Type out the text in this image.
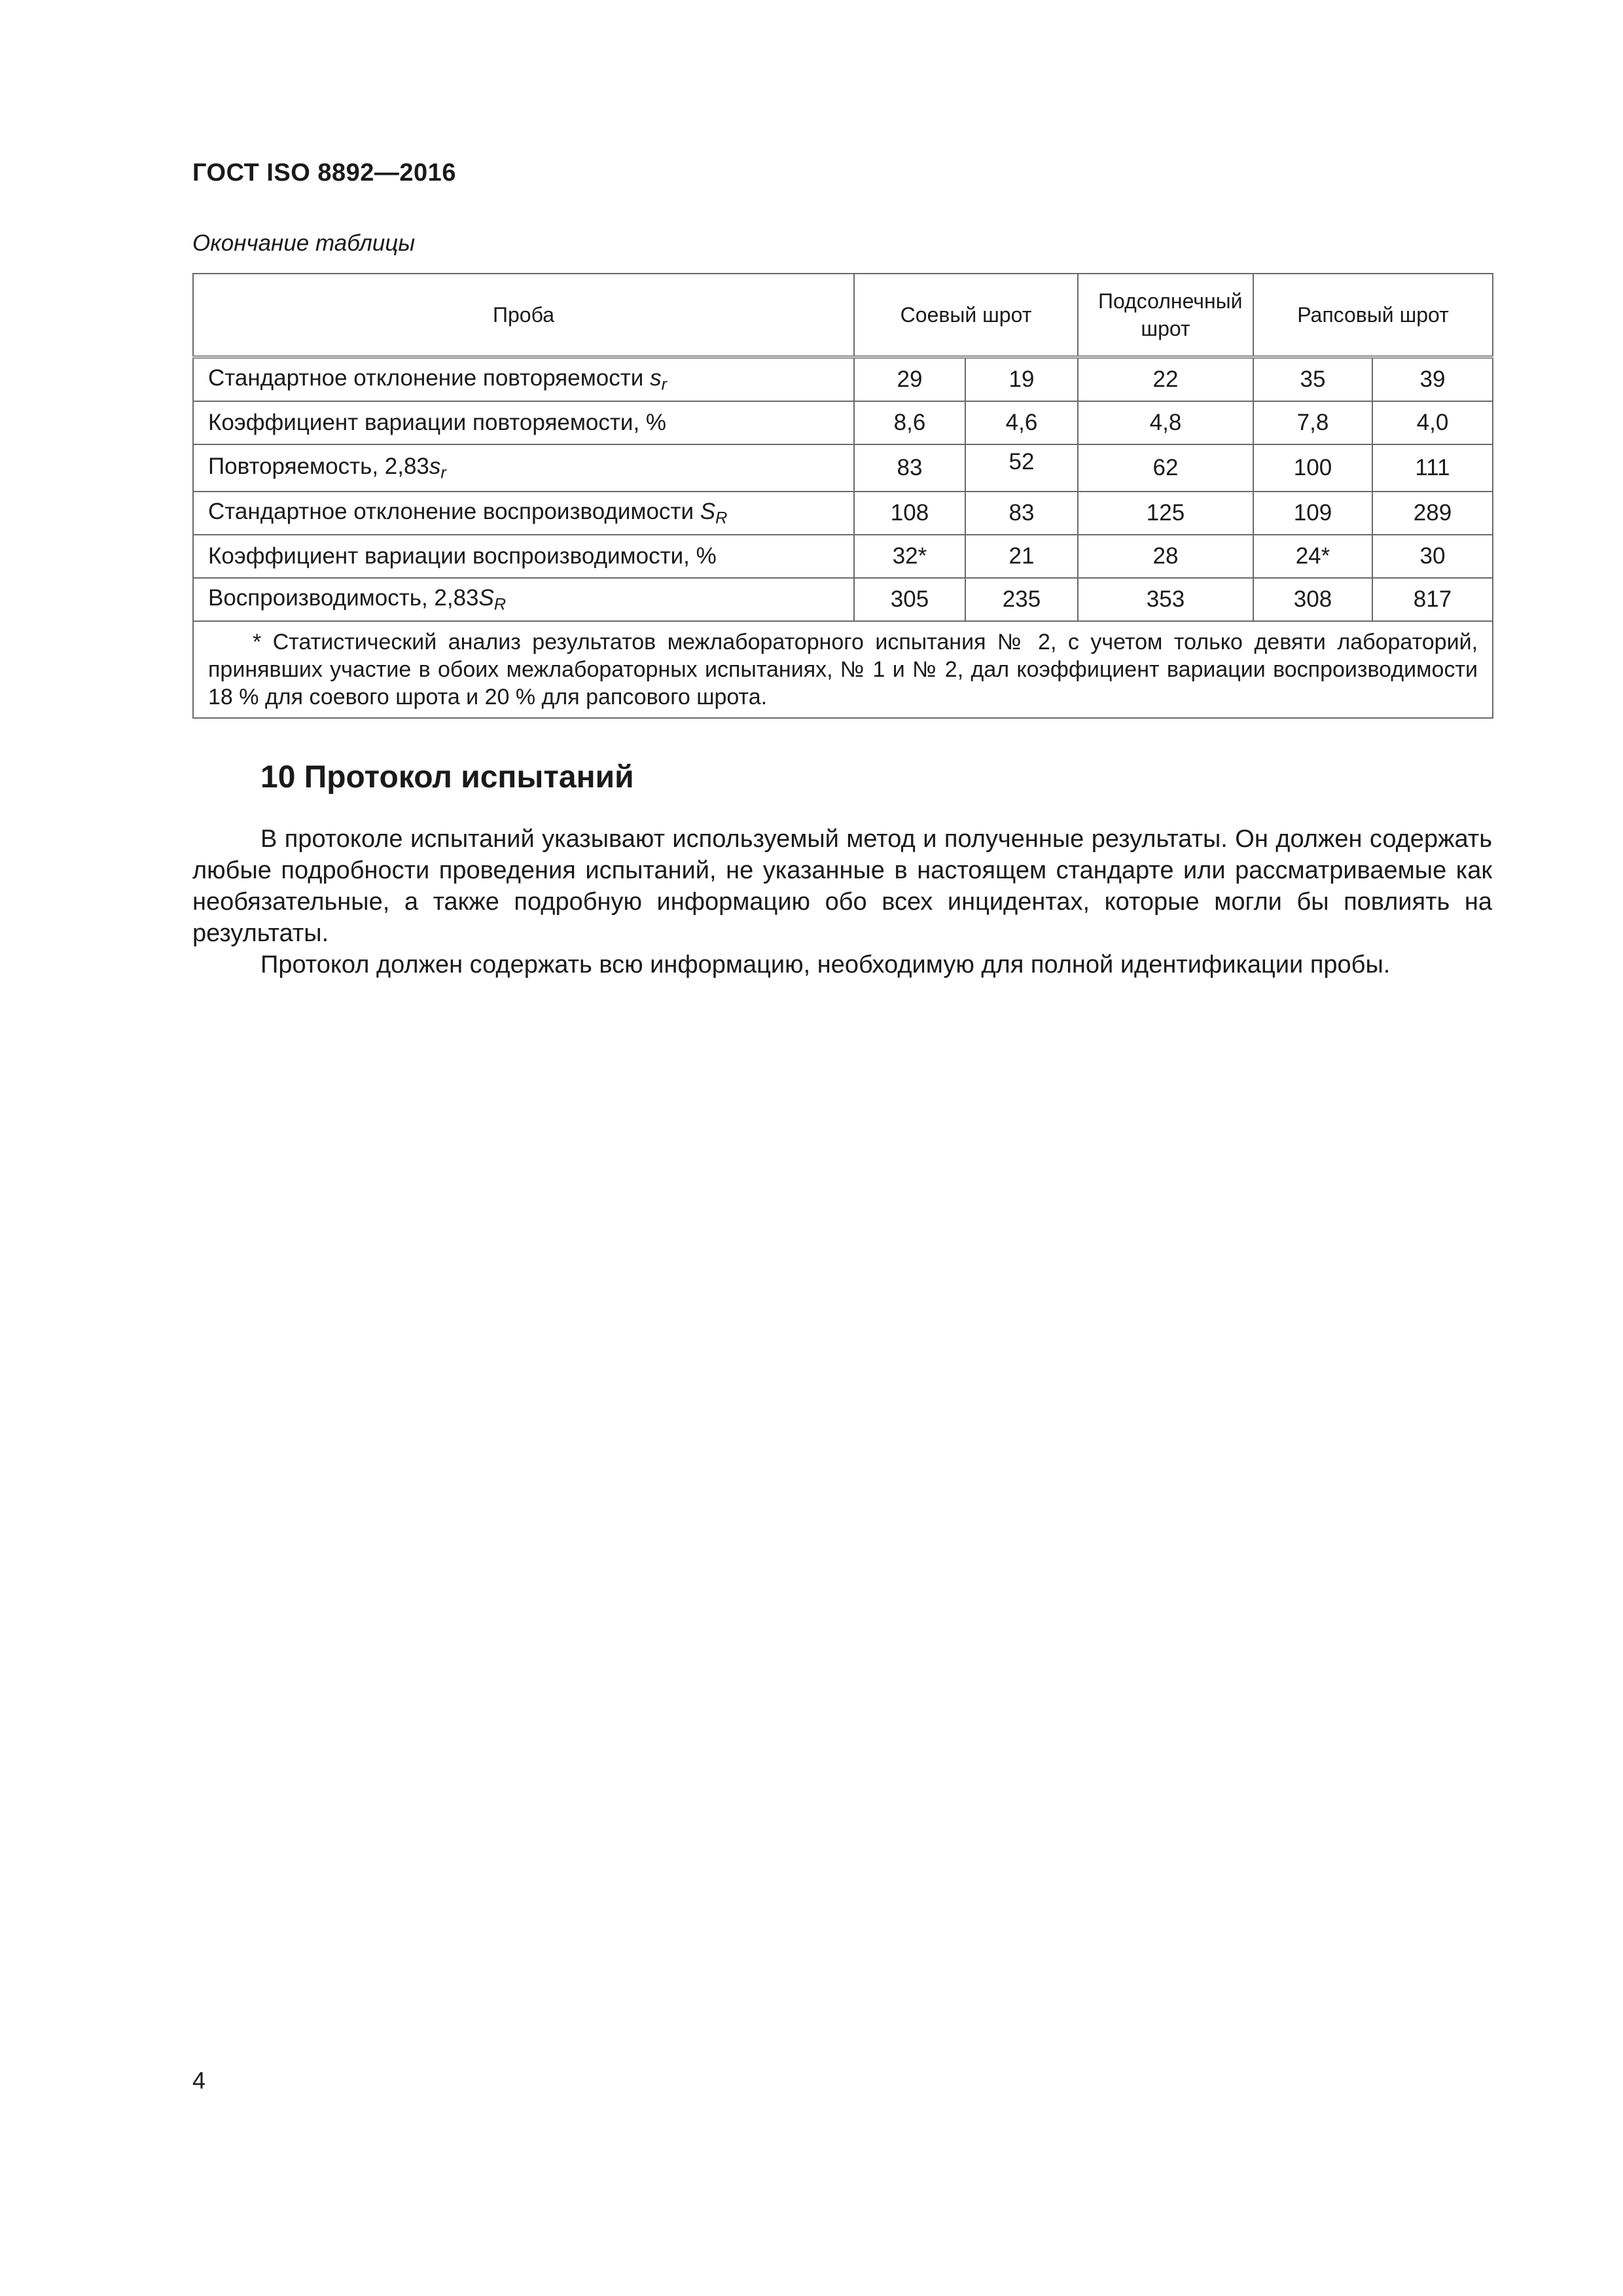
ГОСТ ISO 8892—2016
Окончание таблицы
Проба	Соевый шрот		Подсолнечный шрот	Рапсовый шрот	
Стандартное отклонение повторяемости $s_r$	29	19	22	35	39
Коэффициент вариации повторяемости, %	8,6	4,6	4,8	7,8	4,0
Повторяемость, $2,83s_r$	83	52	62	100	111
Стандартное отклонение воспроизводимости $S_R$	108	83	125	109	289
Коэффициент вариации воспроизводимости, %	32*	21	28	24*	30
Воспроизводимость, $2,83S_R$	305	235	353	308	817
* Статистический анализ результатов межлабораторного испытания № 2, с учетом только девяти лаборатоpий, принявших участие в обоих межлабораторных испытаниях, № 1 и № 2, дал коэффициент вариации воспроизводимости 18 % для соевого шрота и 20 % для рапсового шрота.					
10 Протокол испытаний

В протоколе испытаний указывают используемый метод и полученные результаты. Он должен содержать любые подробности проведения испытаний, не указанные в настоящем стандарте или рассматриваемые как необязательные, а также подробную информацию обо всех инцидентах, которые могли бы повлиять на результаты.

Протокол должен содержать всю информацию, необходимую для полной идентификации пробы.

4
